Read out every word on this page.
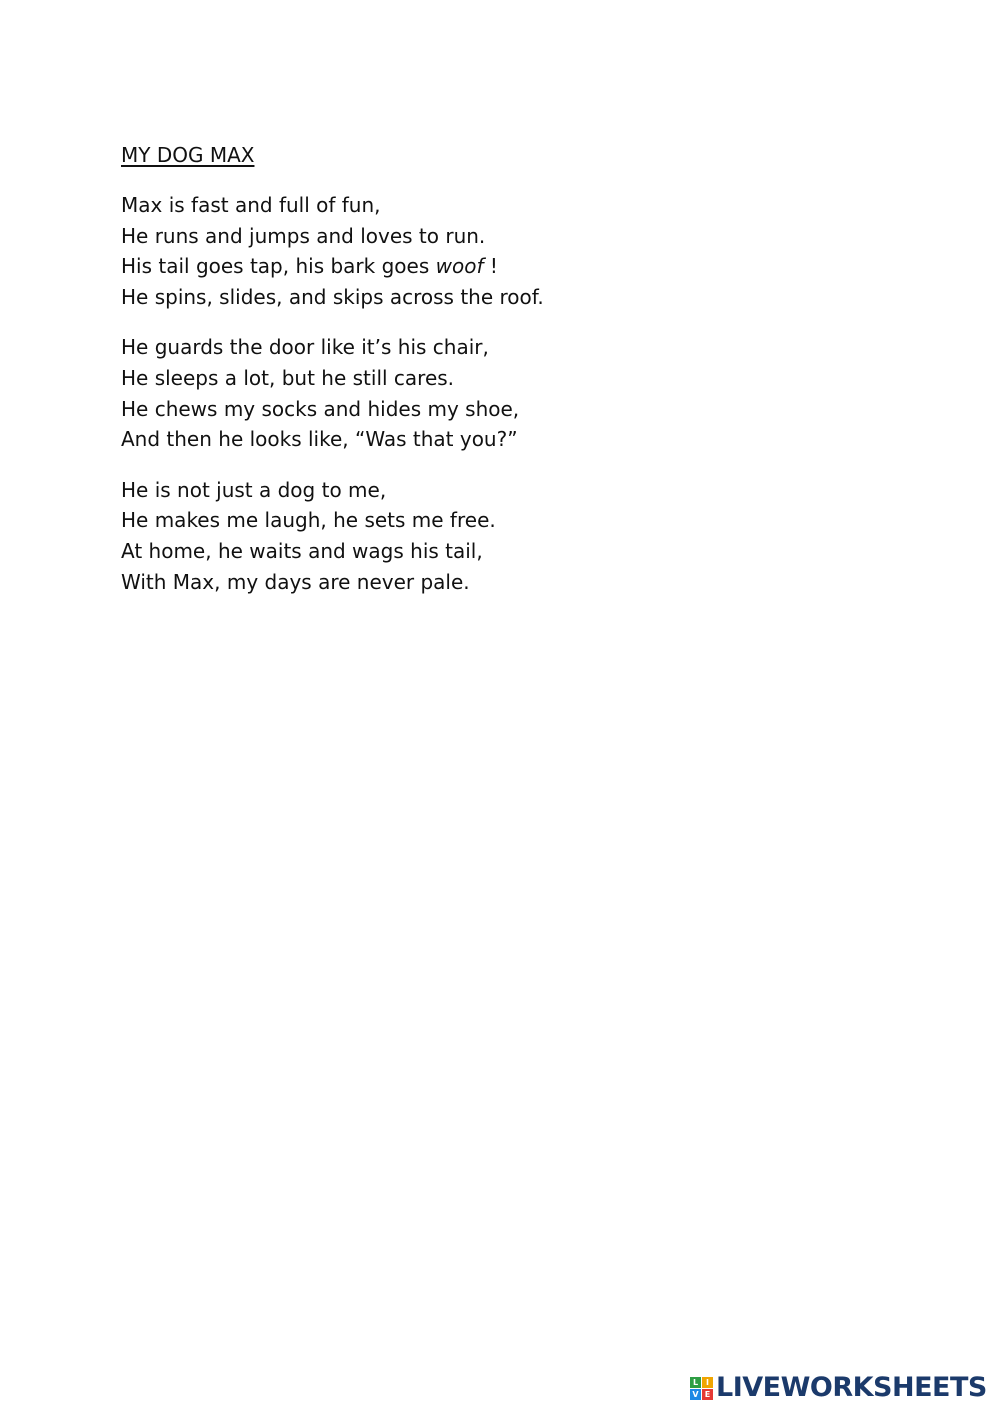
MY DOG MAX
Max is fast and full of fun,
He runs and jumps and loves to run.
His tail goes tap, his bark goes woof !
He spins, slides, and skips across the roof.
He guards the door like it’s his chair,
He sleeps a lot, but he still cares.
He chews my socks and hides my shoe,
And then he looks like, “Was that you?”
He is not just a dog to me,
He makes me laugh, he sets me free.
At home, he waits and wags his tail,
With Max, my days are never pale.
L I
V E LIVEWORKSHEETS
